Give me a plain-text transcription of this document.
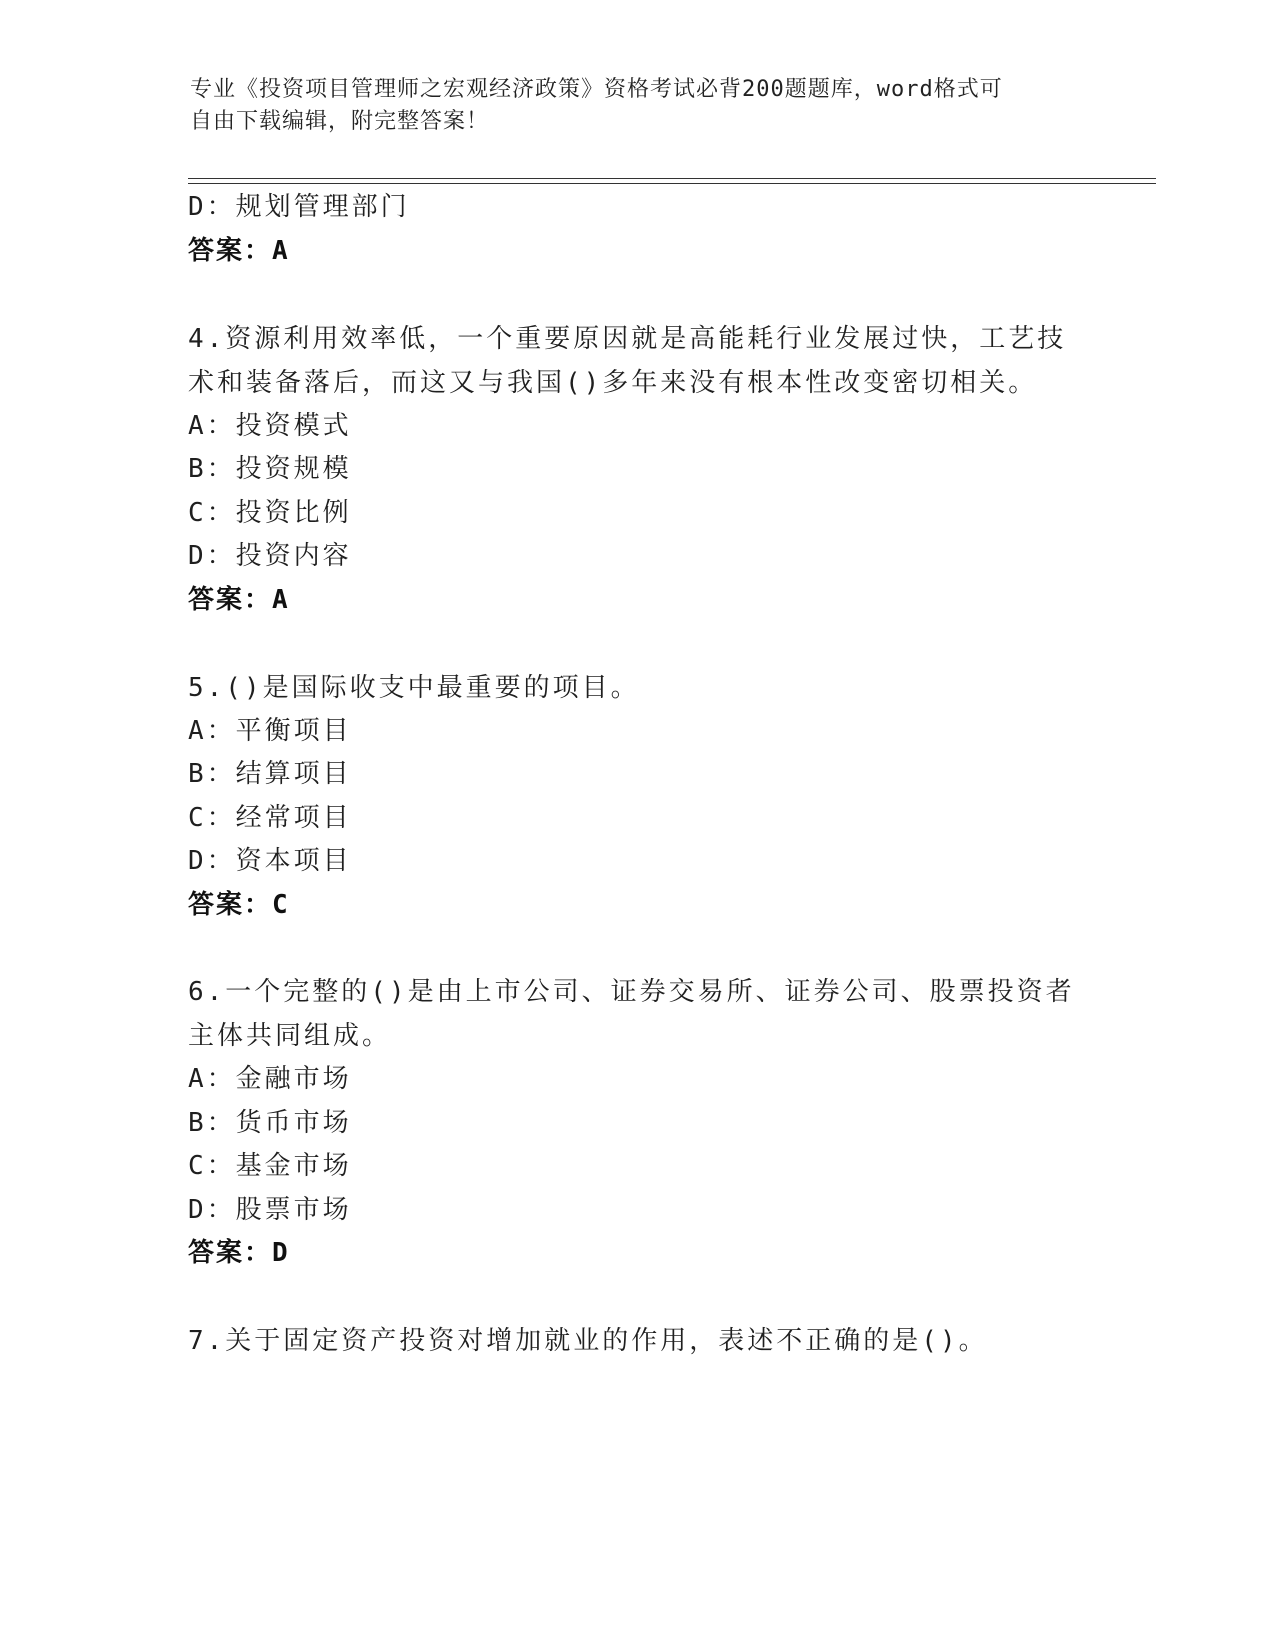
专业《投资项目管理师之宏观经济政策》资格考试必背200题题库，word格式可
自由下载编辑，附完整答案！
D：规划管理部门
答案：A
4.资源利用效率低，一个重要原因就是高能耗行业发展过快，工艺技
术和装备落后，而这又与我国()多年来没有根本性改变密切相关。
A：投资模式
B：投资规模
C：投资比例
D：投资内容
答案：A
5.()是国际收支中最重要的项目。
A：平衡项目
B：结算项目
C：经常项目
D：资本项目
答案：C
6.一个完整的()是由上市公司、证券交易所、证券公司、股票投资者
主体共同组成。
A：金融市场
B：货币市场
C：基金市场
D：股票市场
答案：D
7.关于固定资产投资对增加就业的作用，表述不正确的是()。
